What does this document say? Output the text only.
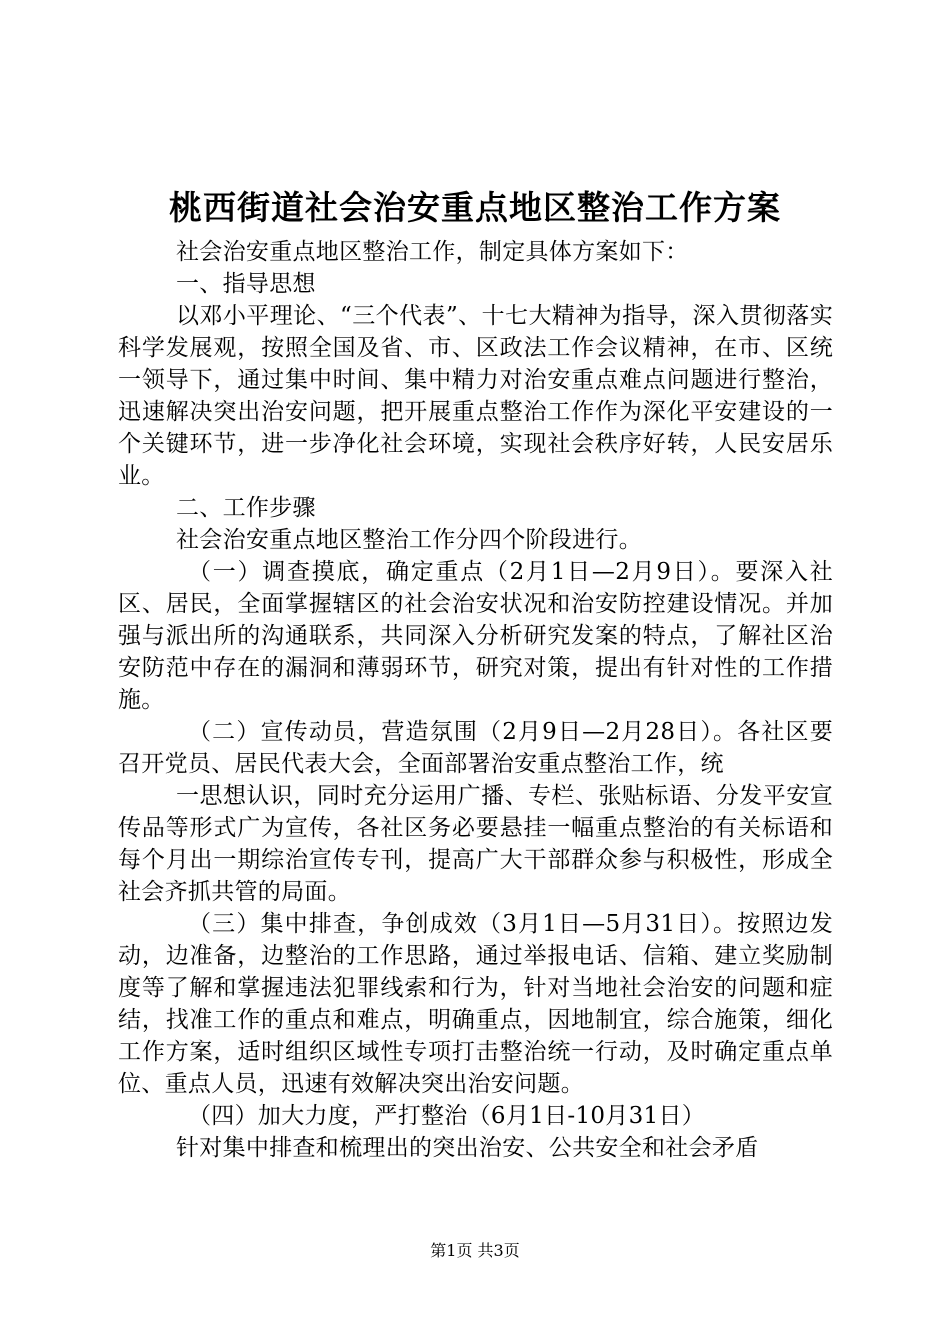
桃西街道社会治安重点地区整治工作方案

社会治安重点地区整治工作，制定具体方案如下：

一、指导思想

以邓小平理论、“三个代表”、十七大精神为指导，深入贯彻落实科学发展观，按照全国及省、市、区政法工作会议精神，在市、区统一领导下，通过集中时间、集中精力对治安重点难点问题进行整治，迅速解决突出治安问题，把开展重点整治工作作为深化平安建设的一个关键环节，进一步净化社会环境，实现社会秩序好转，人民安居乐业。

二、工作步骤

社会治安重点地区整治工作分四个阶段进行。

（一）调查摸底，确定重点（2月1日—2月9日）。要深入社区、居民，全面掌握辖区的社会治安状况和治安防控建设情况。并加强与派出所的沟通联系，共同深入分析研究发案的特点，了解社区治安防范中存在的漏洞和薄弱环节，研究对策，提出有针对性的工作措施。

（二）宣传动员，营造氛围（2月9日—2月28日）。各社区要召开党员、居民代表大会，全面部署治安重点整治工作，统

一思想认识，同时充分运用广播、专栏、张贴标语、分发平安宣传品等形式广为宣传，各社区务必要悬挂一幅重点整治的有关标语和每个月出一期综治宣传专刊，提高广大干部群众参与积极性，形成全社会齐抓共管的局面。

（三）集中排查，争创成效（3月1日—5月31日）。按照边发动，边准备，边整治的工作思路，通过举报电话、信箱、建立奖励制度等了解和掌握违法犯罪线索和行为，针对当地社会治安的问题和症结，找准工作的重点和难点，明确重点，因地制宜，综合施策，细化工作方案，适时组织区域性专项打击整治统一行动，及时确定重点单位、重点人员，迅速有效解决突出治安问题。

（四）加大力度，严打整治（6月1日-10月31日）

针对集中排查和梳理出的突出治安、公共安全和社会矛盾

第1页 共3页
